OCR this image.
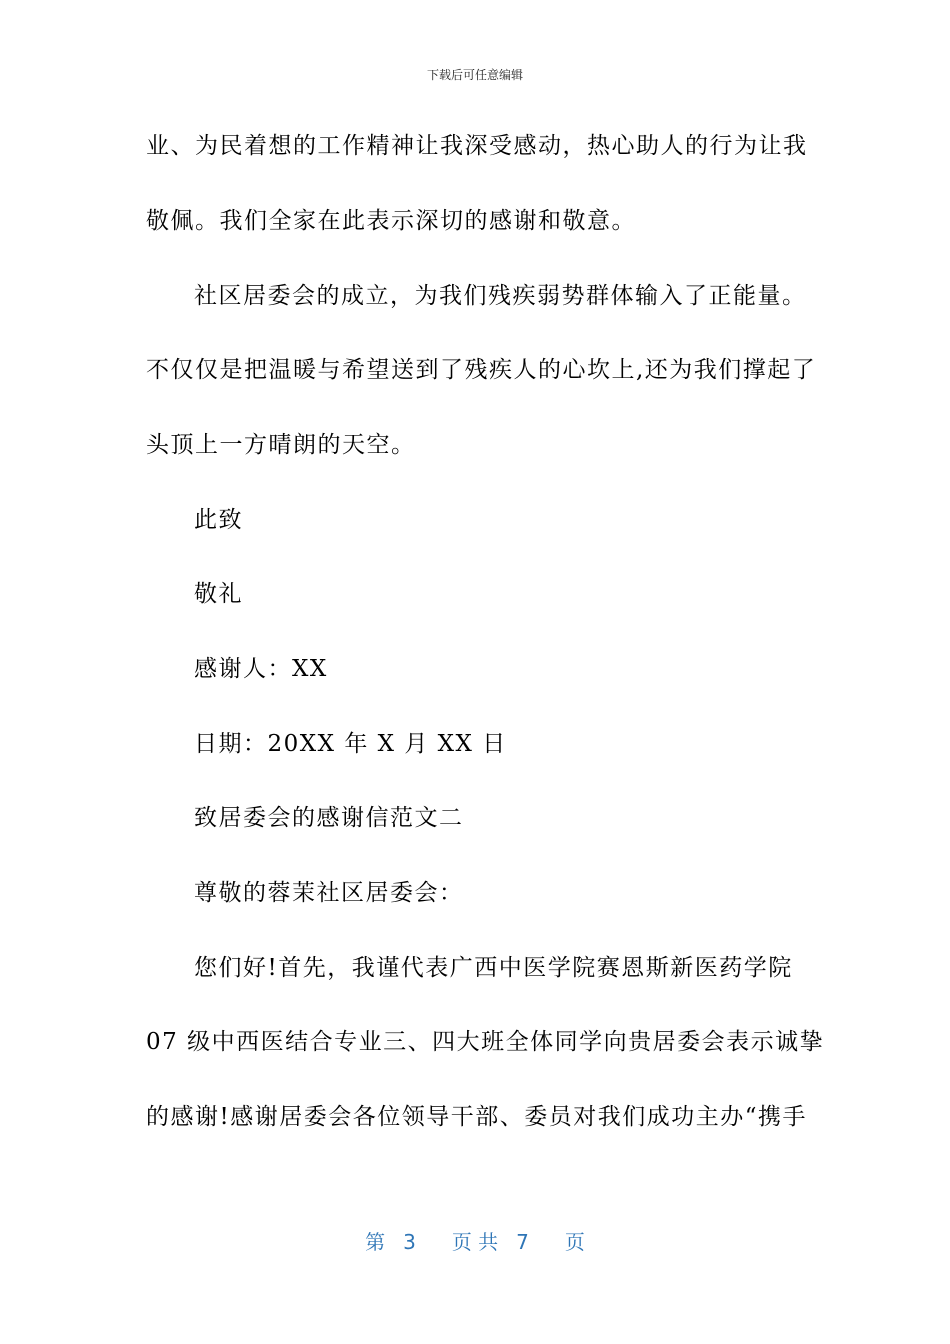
下载后可任意编辑
业、为民着想的工作精神让我深受感动，热心助人的行为让我
敬佩。我们全家在此表示深切的感谢和敬意。
社区居委会的成立，为我们残疾弱势群体输入了正能量。
不仅仅是把温暖与希望送到了残疾人的心坎上,还为我们撑起了
头顶上一方晴朗的天空。
此致
敬礼
感谢人：XX
日期：20XX 年 X 月 XX 日
致居委会的感谢信范文二
尊敬的蓉茉社区居委会：
您们好!首先，我谨代表广西中医学院赛恩斯新医药学院
07 级中西医结合专业三、四大班全体同学向贵居委会表示诚挚
的感谢!感谢居委会各位领导干部、委员对我们成功主办“携手
第 3 页 共 7 页
